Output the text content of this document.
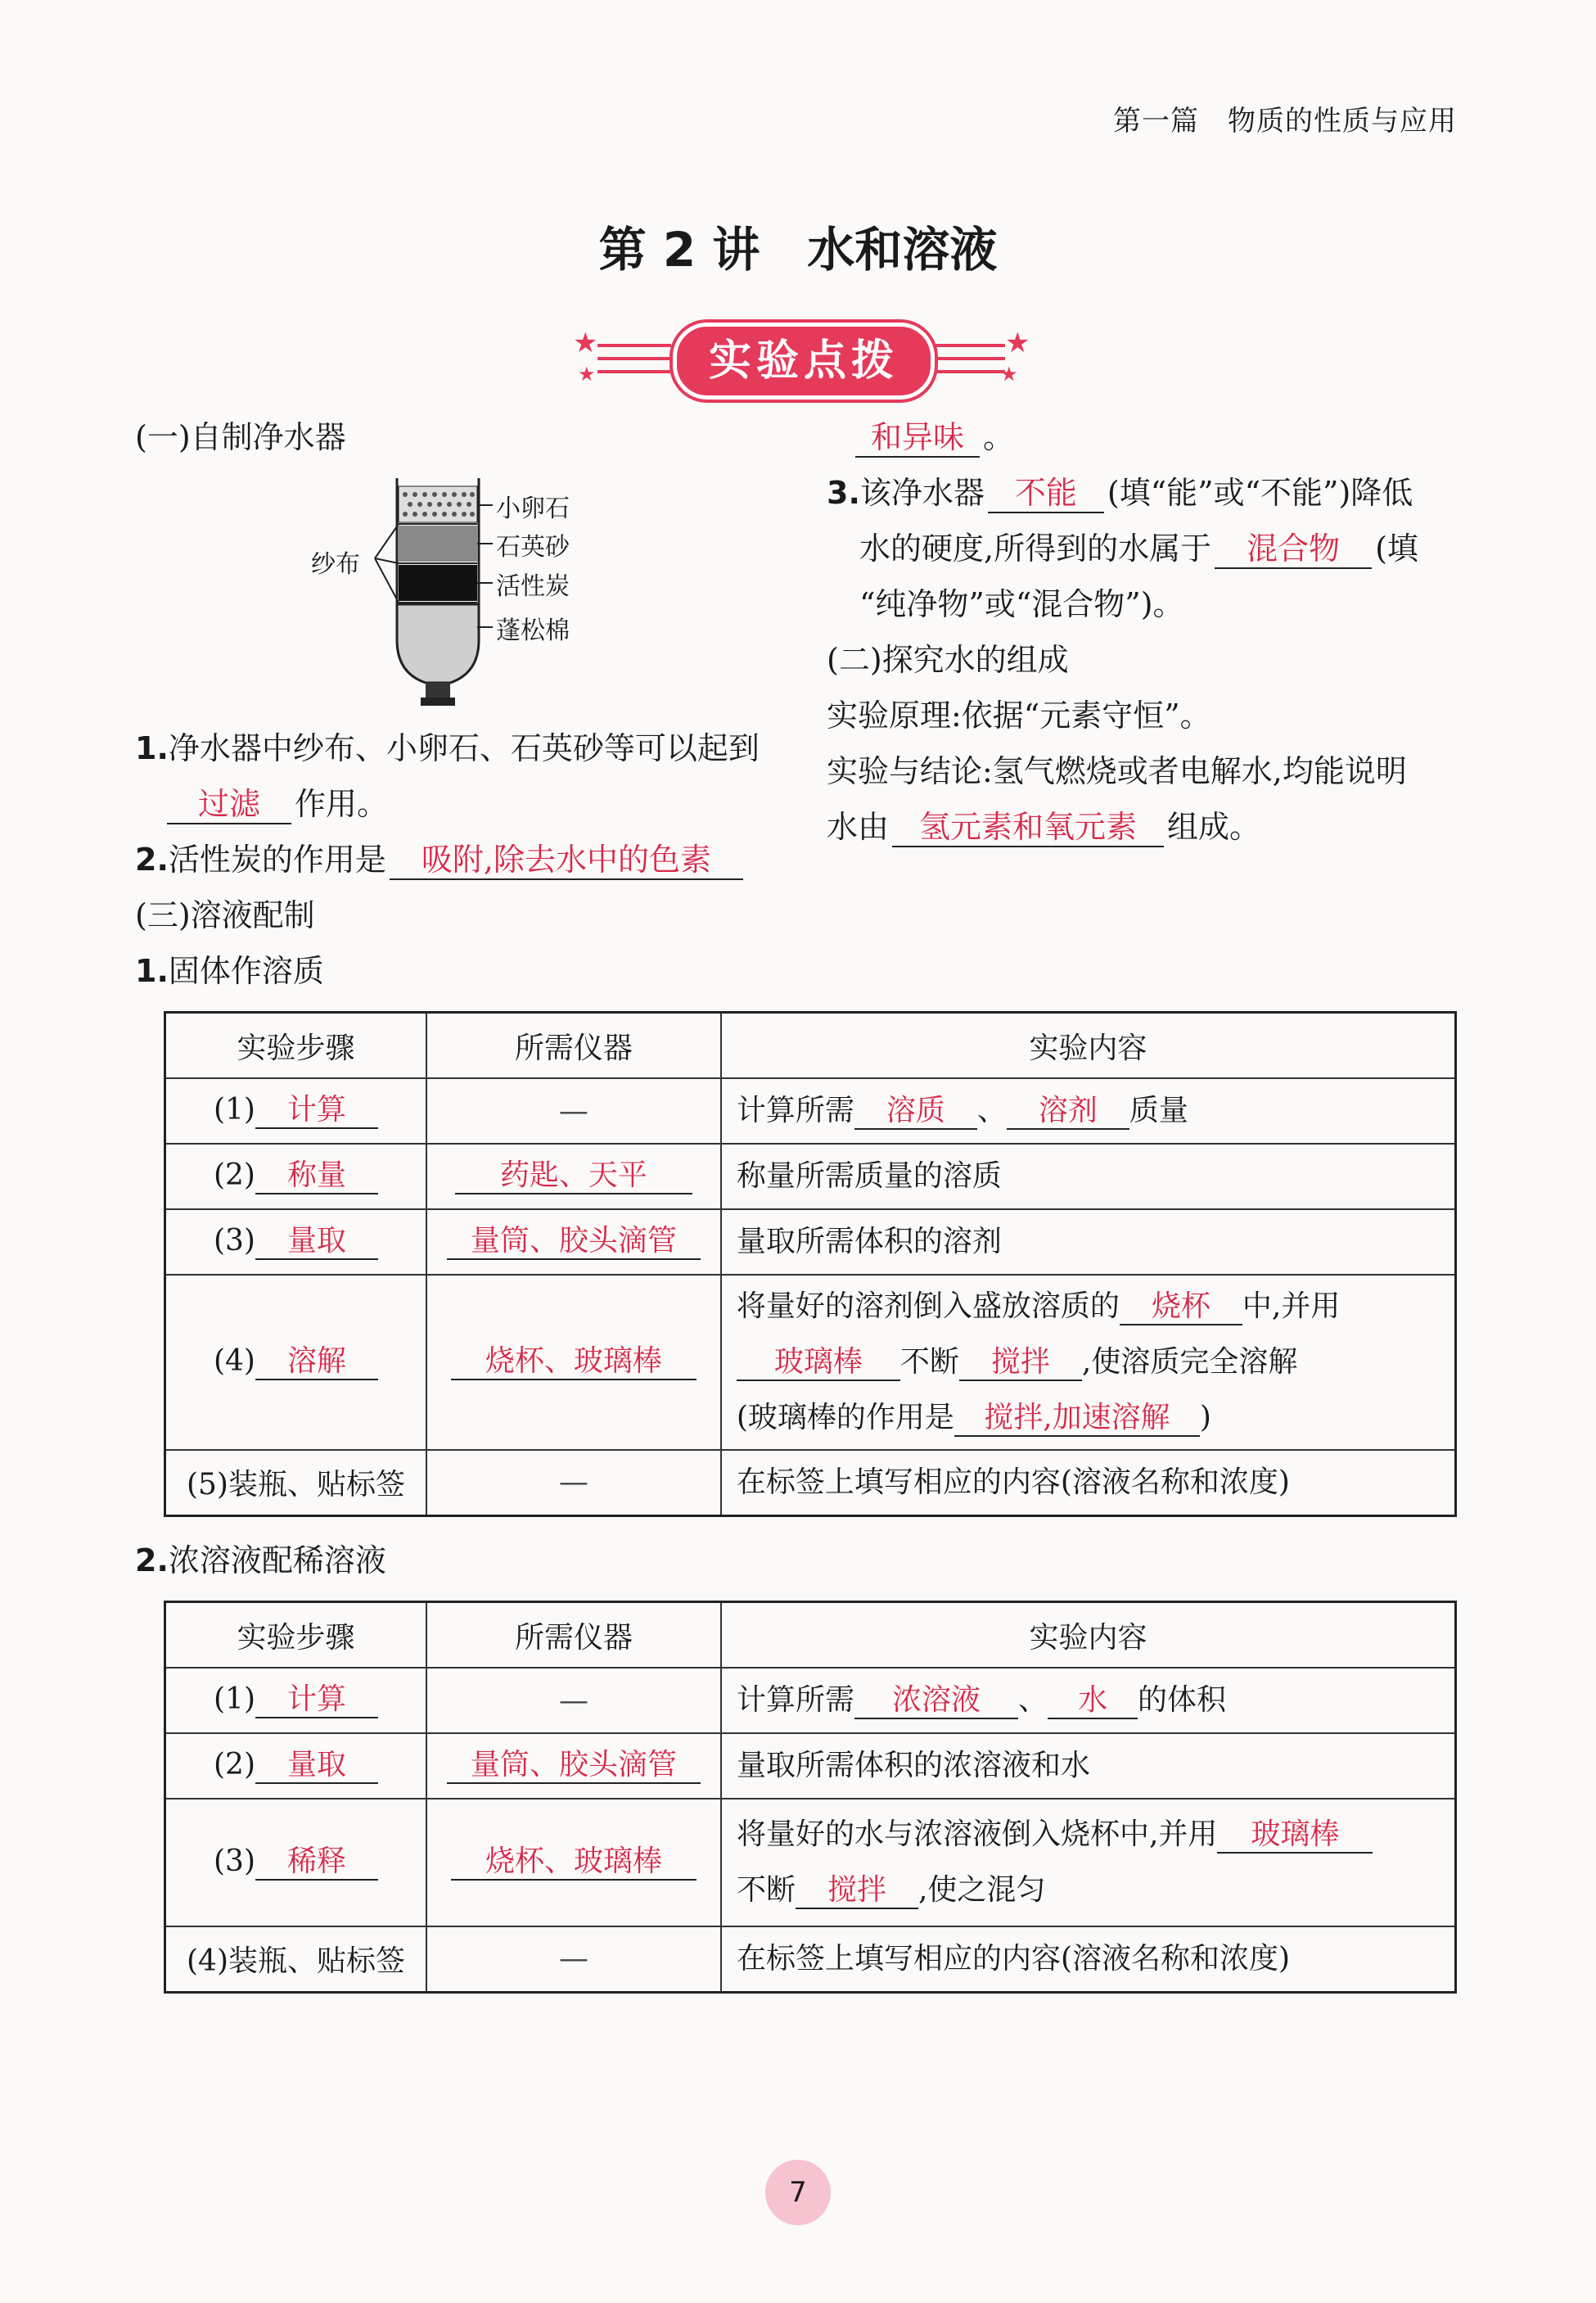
第一篇　物质的性质与应用
第 2 讲　水和溶液
★
★
★
★
实验点拨
(一)自制净水器
小卵石
石英砂
活性炭
蓬松棉
纱布
1.净水器中纱布、小卵石、石英砂等可以起到
过滤 作用。
2.活性炭的作用是 吸附,除去水中的色素
和异味 。
3.该净水器 不能 (填“能”或“不能”)降低
水的硬度,所得到的水属于 混合物 (填
“纯净物”或“混合物”)。
(二)探究水的组成
实验原理:依据“元素守恒”。
实验与结论:氢气燃烧或者电解水,均能说明
水由 氢元素和氧元素 组成。
(三)溶液配制
1.固体作溶质
实验步骤	所需仪器	实验内容
(1) 计算	—	计算所需 溶质 、 溶剂 质量
(2) 称量	药匙、天平	称量所需质量的溶质
(3) 量取	量筒、胶头滴管	量取所需体积的溶剂
(4) 溶解	烧杯、玻璃棒	将量好的溶剂倒入盛放溶质的 烧杯 中,并用
玻璃棒 不断 搅拌 ,使溶质完全溶解
(玻璃棒的作用是 搅拌,加速溶解 )

(5)装瓶、贴标签	—	在标签上填写相应的内容(溶液名称和浓度)
2.浓溶液配稀溶液
实验步骤	所需仪器	实验内容
(1) 计算	—	计算所需 浓溶液 、 水 的体积
(2) 量取	量筒、胶头滴管	量取所需体积的浓溶液和水
(3) 稀释	烧杯、玻璃棒	将量好的水与浓溶液倒入烧杯中,并用 玻璃棒
不断 搅拌 ,使之混匀

(4)装瓶、贴标签	—	在标签上填写相应的内容(溶液名称和浓度)
7
